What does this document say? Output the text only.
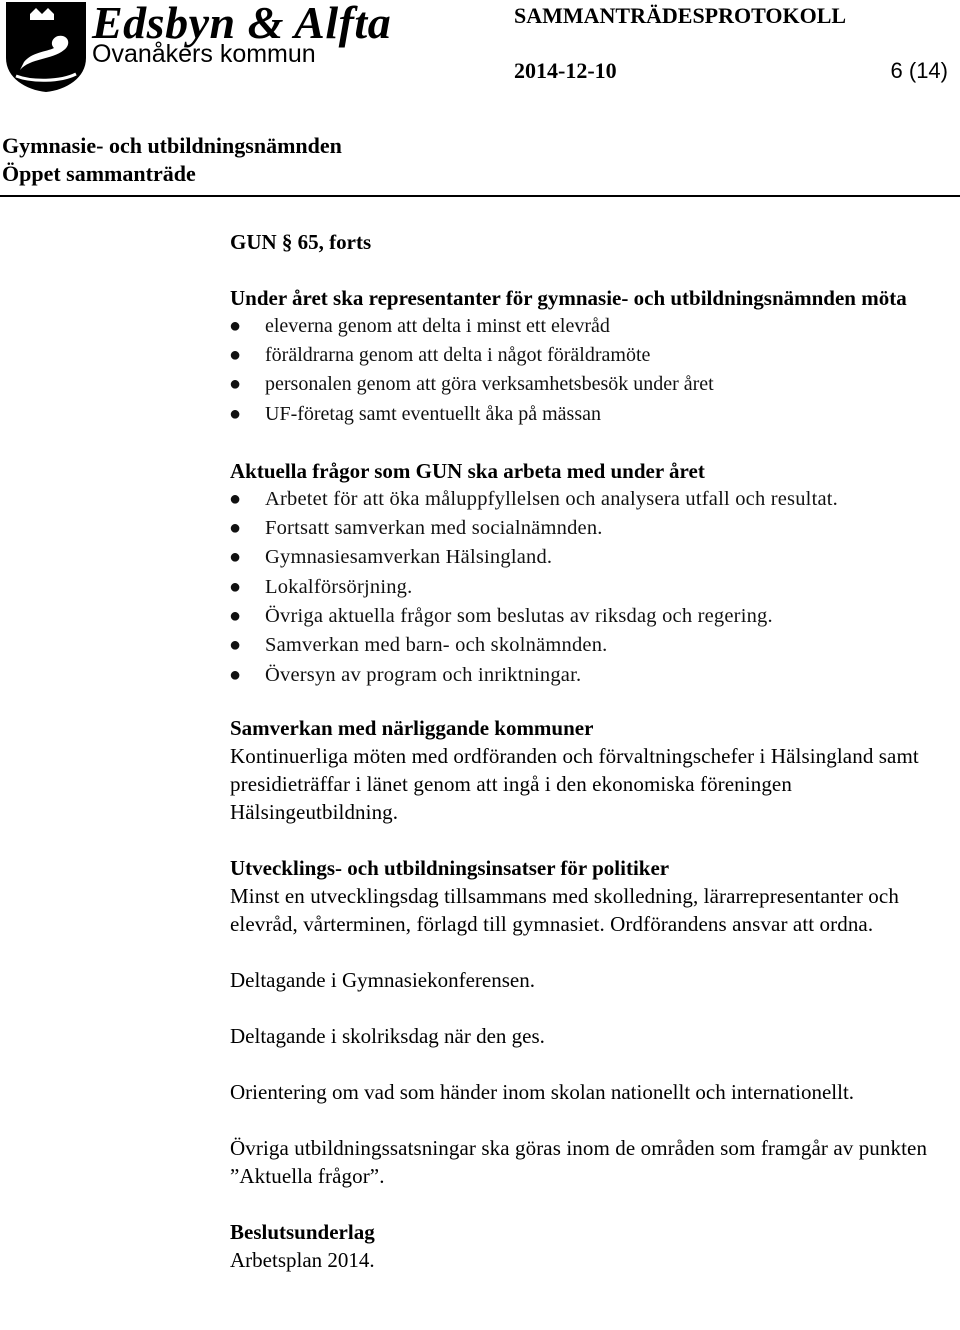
Edsbyn & Alfta
Ovanåkers kommun
SAMMANTRÄDESPROTOKOLL
2014-12-10	6 (14)
Gymnasie- och utbildningsnämnden
Öppet sammanträde

GUN § 65, forts

Under året ska representanter för gymnasie- och utbildningsnämnden möta

● eleverna genom att delta i minst ett elevråd
● föräldrarna genom att delta i något föräldramöte
● personalen genom att göra verksamhetsbesök under året
● UF-företag samt eventuellt åka på mässan

Aktuella frågor som GUN ska arbeta med under året

● Arbetet för att öka måluppfyllelsen och analysera utfall och resultat.
● Fortsatt samverkan med socialnämnden.
● Gymnasiesamverkan Hälsingland.
● Lokalförsörjning.
● Övriga aktuella frågor som beslutas av riksdag och regering.
● Samverkan med barn- och skolnämnden.
● Översyn av program och inriktningar.

Samverkan med närliggande kommuner

Kontinuerliga möten med ordföranden och förvaltningschefer i Hälsingland samt presidieträffar i länet genom att ingå i den ekonomiska föreningen Hälsingeutbildning.

Utvecklings- och utbildningsinsatser för politiker

Minst en utvecklingsdag tillsammans med skolledning, lärarrepresentanter och elevråd, vårterminen, förlagd till gymnasiet. Ordförandens ansvar att ordna.

Deltagande i Gymnasiekonferensen.

Deltagande i skolriksdag när den ges.

Orientering om vad som händer inom skolan nationellt och internationellt.

Övriga utbildningssatsningar ska göras inom de områden som framgår av punkten ”Aktuella frågor”.

Beslutsunderlag

Arbetsplan 2014.
